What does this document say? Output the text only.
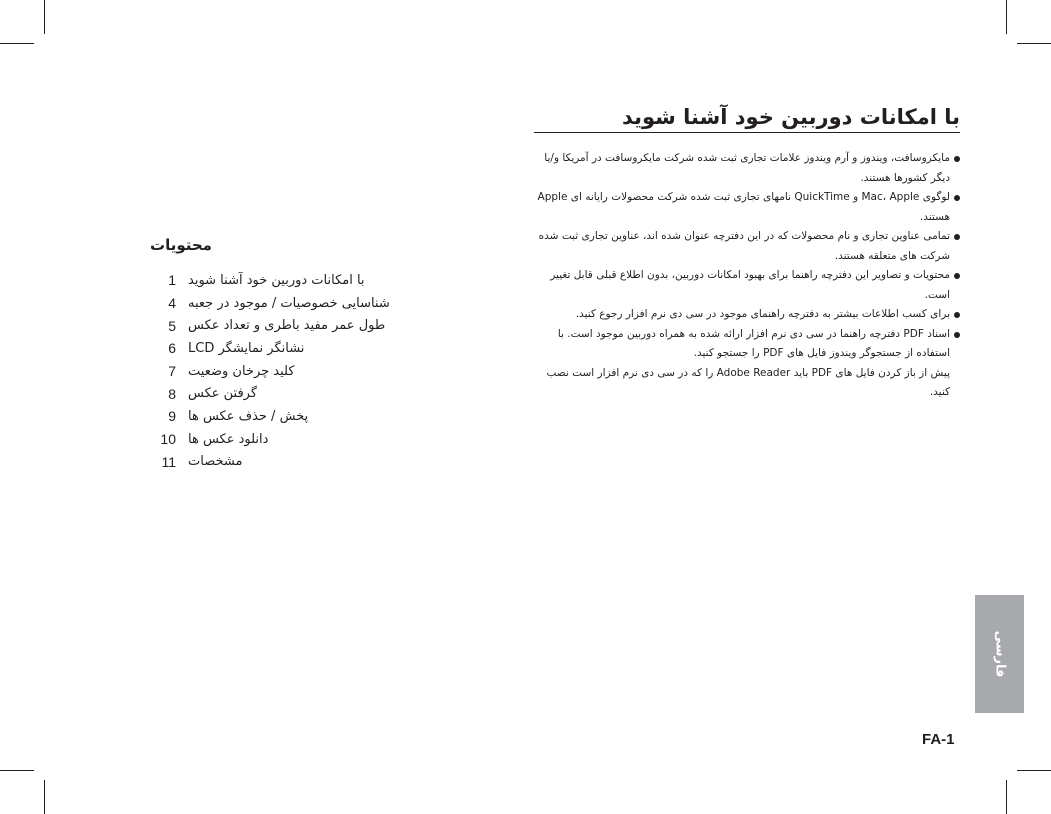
با امکانات دوربین خود آشنا شوید
مایکروسافت، ویندوز و آرم ویندوز علامات تجاری ثبت شده شرکت مایکروسافت در آمریکا و/یا دیگر کشورها هستند.
لوگوی Mac، Apple و QuickTime نامهای تجاری ثبت شده شرکت محصولات رایانه ای Apple هستند.
تمامی عناوین تجاری و نام محصولات که در این دفترچه عنوان شده اند، عناوین تجاری ثبت شده شرکت های متعلقه هستند.
محتویات و تصاویر این دفترچه راهنما برای بهبود امکانات دوربین، بدون اطلاع قبلی قابل تغییر است.
برای کسب اطلاعات بیشتر به دفترچه راهنمای موجود در سی دی نرم افزار رجوع کنید.
اسناد PDF دفترچه راهنما در سی دی نرم افزار ارائه شده به همراه دوربین موجود است. با استفاده از جستجوگر ویندوز فایل های PDF را جستجو کنید.
پیش از باز کردن فایل های PDF باید Adobe Reader را که در سی دی نرم افزار است نصب کنید.
محتویات
1 با امکانات دوربین خود آشنا شوید
4 شناسایی خصوصیات / موجود در جعبه
5 طول عمر مفید باطری و تعداد عکس
6 نشانگر نمایشگر LCD
7 کلید چرخان وضعیت
8 گرفتن عکس
9 پخش / حذف عکس ها
10 دانلود عکس ها
11 مشخصات
فارسی
FA-1
